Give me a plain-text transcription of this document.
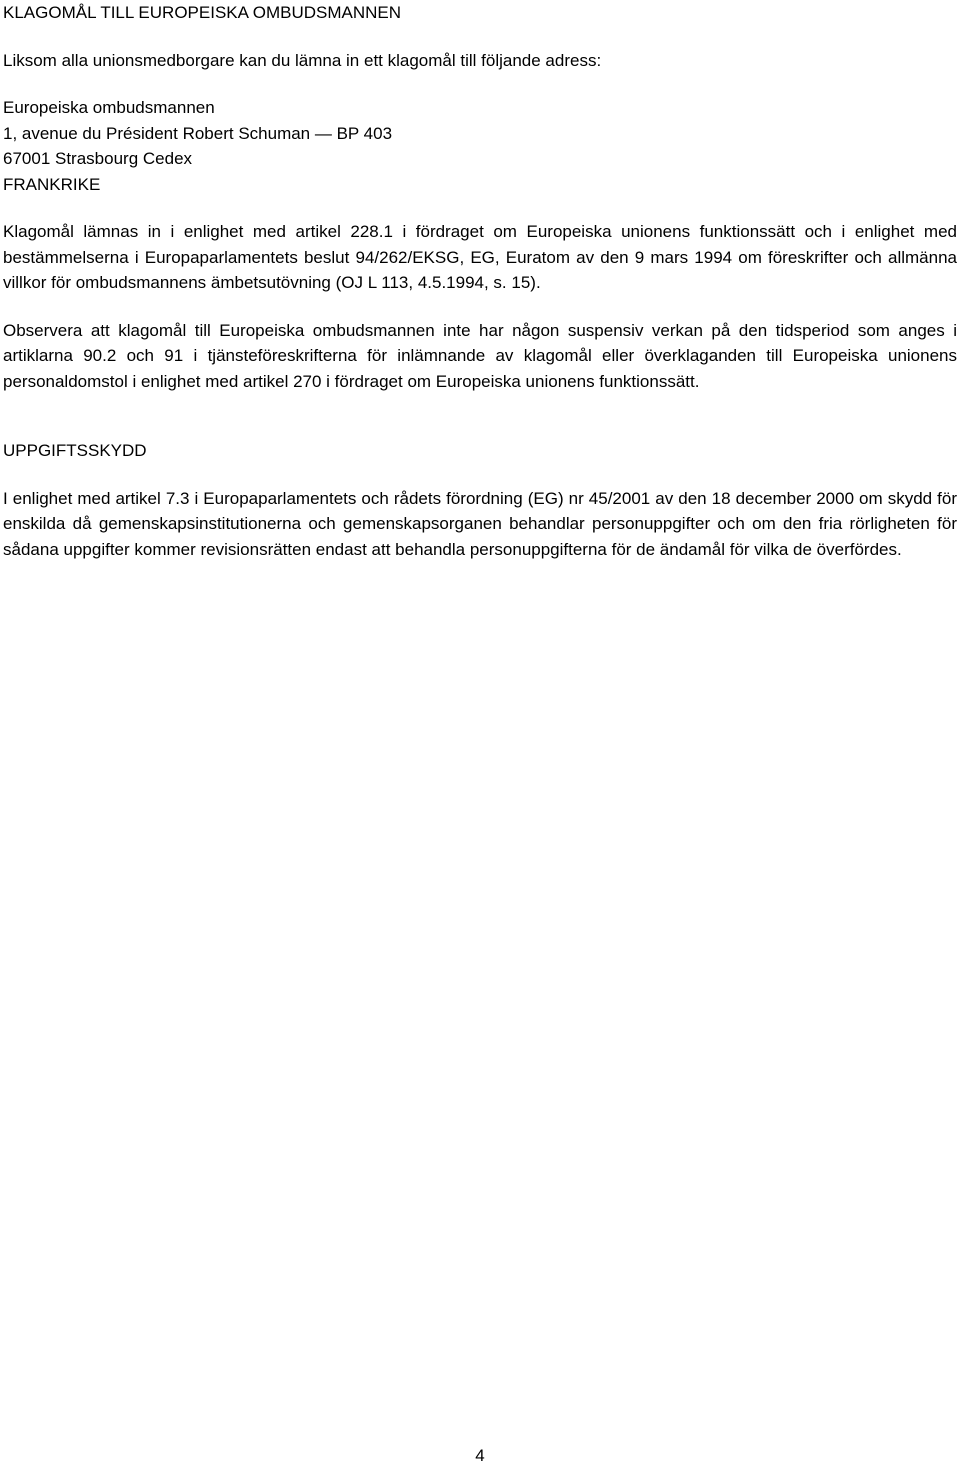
KLAGOMÅL TILL EUROPEISKA OMBUDSMANNEN

Liksom alla unionsmedborgare kan du lämna in ett klagomål till följande adress:

Europeiska ombudsmannen
1, avenue du Président Robert Schuman — BP 403
67001 Strasbourg Cedex
FRANKRIKE

Klagomål lämnas in i enlighet med artikel 228.1 i fördraget om Europeiska unionens funktionssätt och i enlighet med bestämmelserna i Europaparlamentets beslut 94/262/EKSG, EG, Euratom av den 9 mars 1994 om föreskrifter och allmänna villkor för ombudsmannens ämbetsutövning (OJ L 113, 4.5.1994, s. 15).

Observera att klagomål till Europeiska ombudsmannen inte har någon suspensiv verkan på den tidsperiod som anges i artiklarna 90.2 och 91 i tjänsteföreskrifterna för inlämnande av klagomål eller överklaganden till Europeiska unionens personaldomstol i enlighet med artikel 270 i fördraget om Europeiska unionens funktionssätt.

UPPGIFTSSKYDD

I enlighet med artikel 7.3 i Europaparlamentets och rådets förordning (EG) nr 45/2001 av den 18 december 2000 om skydd för enskilda då gemenskapsinstitutionerna och gemenskapsorganen behandlar personuppgifter och om den fria rörligheten för sådana uppgifter kommer revisionsrätten endast att behandla personuppgifterna för de ändamål för vilka de överfördes.

4
